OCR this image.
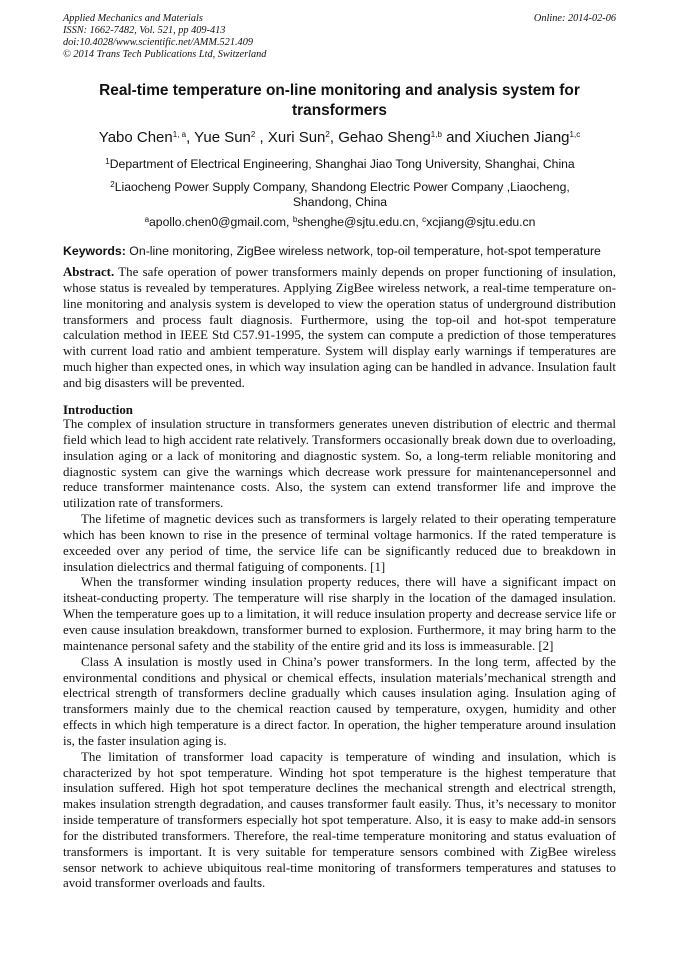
Applied Mechanics and Materials
ISSN: 1662-7482, Vol. 521, pp 409-413
doi:10.4028/www.scientific.net/AMM.521.409
© 2014 Trans Tech Publications Ltd, Switzerland
Online: 2014-02-06
Real-time temperature on-line monitoring and analysis system for transformers
Yabo Chen$^{1, a}$, Yue Sun$^2$ , Xuri Sun$^2$, Gehao Sheng$^{1,b}$ and Xiuchen Jiang$^{1,c}$
$^1$Department of Electrical Engineering, Shanghai Jiao Tong University, Shanghai, China
$^2$Liaocheng Power Supply Company, Shandong Electric Power Company ,Liaocheng, Shandong, China
$^a$apollo.chen0@gmail.com, $^b$shenghe@sjtu.edu.cn, $^c$xcjiang@sjtu.edu.cn
Keywords: On-line monitoring, ZigBee wireless network, top-oil temperature, hot-spot temperature
Abstract. The safe operation of power transformers mainly depends on proper functioning of insulation, whose status is revealed by temperatures. Applying ZigBee wireless network, a real-time temperature on-line monitoring and analysis system is developed to view the operation status of underground distribution transformers and process fault diagnosis. Furthermore, using the top-oil and hot-spot temperature calculation method in IEEE Std C57.91-1995, the system can compute a prediction of those temperatures with current load ratio and ambient temperature. System will display early warnings if temperatures are much higher than expected ones, in which way insulation aging can be handled in advance. Insulation fault and big disasters will be prevented.
Introduction

The complex of insulation structure in transformers generates uneven distribution of electric and thermal field which lead to high accident rate relatively. Transformers occasionally break down due to overloading, insulation aging or a lack of monitoring and diagnostic system. So, a long-term reliable monitoring and diagnostic system can give the warnings which decrease work pressure for maintenancepersonnel and reduce transformer maintenance costs. Also, the system can extend transformer life and improve the utilization rate of transformers.

The lifetime of magnetic devices such as transformers is largely related to their operating temperature which has been known to rise in the presence of terminal voltage harmonics. If the rated temperature is exceeded over any period of time, the service life can be significantly reduced due to breakdown in insulation dielectrics and thermal fatiguing of components. [1]

When the transformer winding insulation property reduces, there will have a significant impact on itsheat-conducting property. The temperature will rise sharply in the location of the damaged insulation. When the temperature goes up to a limitation, it will reduce insulation property and decrease service life or even cause insulation breakdown, transformer burned to explosion. Furthermore, it may bring harm to the maintenance personal safety and the stability of the entire grid and its loss is immeasurable. [2]

Class A insulation is mostly used in China’s power transformers. In the long term, affected by the environmental conditions and physical or chemical effects, insulation materials’mechanical strength and electrical strength of transformers decline gradually which causes insulation aging. Insulation aging of transformers mainly due to the chemical reaction caused by temperature, oxygen, humidity and other effects in which high temperature is a direct factor. In operation, the higher temperature around insulation is, the faster insulation aging is.

The limitation of transformer load capacity is temperature of winding and insulation, which is characterized by hot spot temperature. Winding hot spot temperature is the highest temperature that insulation suffered. High hot spot temperature declines the mechanical strength and electrical strength, makes insulation strength degradation, and causes transformer fault easily. Thus, it’s necessary to monitor inside temperature of transformers especially hot spot temperature. Also, it is easy to make add-in sensors for the distributed transformers. Therefore, the real-time temperature monitoring and status evaluation of transformers is important. It is very suitable for temperature sensors combined with ZigBee wireless sensor network to achieve ubiquitous real-time monitoring of transformers temperatures and statuses to avoid transformer overloads and faults.
